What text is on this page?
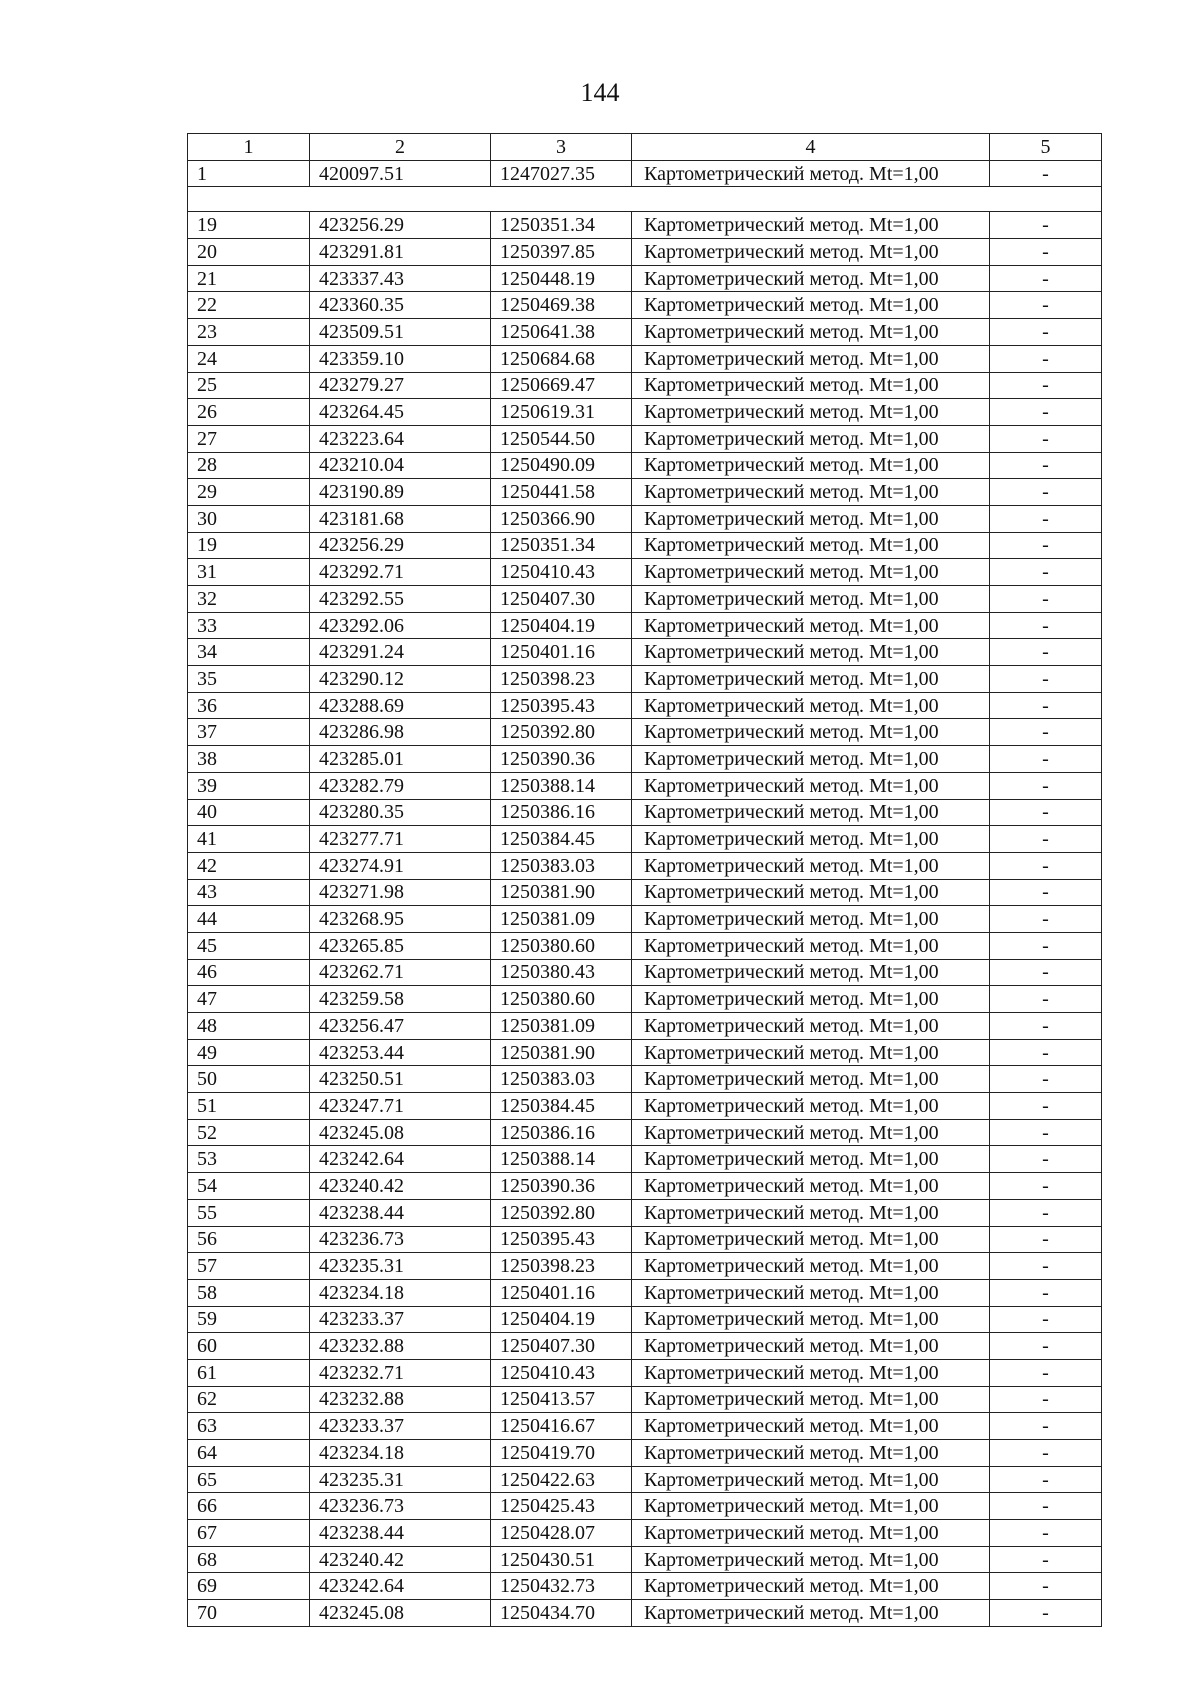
144
1	2	3	4	5
1	420097.51	1247027.35	Картометрический метод. Mt=1,00	-

19	423256.29	1250351.34	Картометрический метод. Mt=1,00	-
20	423291.81	1250397.85	Картометрический метод. Mt=1,00	-
21	423337.43	1250448.19	Картометрический метод. Mt=1,00	-
22	423360.35	1250469.38	Картометрический метод. Mt=1,00	-
23	423509.51	1250641.38	Картометрический метод. Mt=1,00	-
24	423359.10	1250684.68	Картометрический метод. Mt=1,00	-
25	423279.27	1250669.47	Картометрический метод. Mt=1,00	-
26	423264.45	1250619.31	Картометрический метод. Mt=1,00	-
27	423223.64	1250544.50	Картометрический метод. Mt=1,00	-
28	423210.04	1250490.09	Картометрический метод. Mt=1,00	-
29	423190.89	1250441.58	Картометрический метод. Mt=1,00	-
30	423181.68	1250366.90	Картометрический метод. Mt=1,00	-
19	423256.29	1250351.34	Картометрический метод. Mt=1,00	-
31	423292.71	1250410.43	Картометрический метод. Mt=1,00	-
32	423292.55	1250407.30	Картометрический метод. Mt=1,00	-
33	423292.06	1250404.19	Картометрический метод. Mt=1,00	-
34	423291.24	1250401.16	Картометрический метод. Mt=1,00	-
35	423290.12	1250398.23	Картометрический метод. Mt=1,00	-
36	423288.69	1250395.43	Картометрический метод. Mt=1,00	-
37	423286.98	1250392.80	Картометрический метод. Mt=1,00	-
38	423285.01	1250390.36	Картометрический метод. Mt=1,00	-
39	423282.79	1250388.14	Картометрический метод. Mt=1,00	-
40	423280.35	1250386.16	Картометрический метод. Mt=1,00	-
41	423277.71	1250384.45	Картометрический метод. Mt=1,00	-
42	423274.91	1250383.03	Картометрический метод. Mt=1,00	-
43	423271.98	1250381.90	Картометрический метод. Mt=1,00	-
44	423268.95	1250381.09	Картометрический метод. Mt=1,00	-
45	423265.85	1250380.60	Картометрический метод. Mt=1,00	-
46	423262.71	1250380.43	Картометрический метод. Mt=1,00	-
47	423259.58	1250380.60	Картометрический метод. Mt=1,00	-
48	423256.47	1250381.09	Картометрический метод. Mt=1,00	-
49	423253.44	1250381.90	Картометрический метод. Mt=1,00	-
50	423250.51	1250383.03	Картометрический метод. Mt=1,00	-
51	423247.71	1250384.45	Картометрический метод. Mt=1,00	-
52	423245.08	1250386.16	Картометрический метод. Mt=1,00	-
53	423242.64	1250388.14	Картометрический метод. Mt=1,00	-
54	423240.42	1250390.36	Картометрический метод. Mt=1,00	-
55	423238.44	1250392.80	Картометрический метод. Mt=1,00	-
56	423236.73	1250395.43	Картометрический метод. Mt=1,00	-
57	423235.31	1250398.23	Картометрический метод. Mt=1,00	-
58	423234.18	1250401.16	Картометрический метод. Mt=1,00	-
59	423233.37	1250404.19	Картометрический метод. Mt=1,00	-
60	423232.88	1250407.30	Картометрический метод. Mt=1,00	-
61	423232.71	1250410.43	Картометрический метод. Mt=1,00	-
62	423232.88	1250413.57	Картометрический метод. Mt=1,00	-
63	423233.37	1250416.67	Картометрический метод. Mt=1,00	-
64	423234.18	1250419.70	Картометрический метод. Mt=1,00	-
65	423235.31	1250422.63	Картометрический метод. Mt=1,00	-
66	423236.73	1250425.43	Картометрический метод. Mt=1,00	-
67	423238.44	1250428.07	Картометрический метод. Mt=1,00	-
68	423240.42	1250430.51	Картометрический метод. Mt=1,00	-
69	423242.64	1250432.73	Картометрический метод. Mt=1,00	-
70	423245.08	1250434.70	Картометрический метод. Mt=1,00	-
